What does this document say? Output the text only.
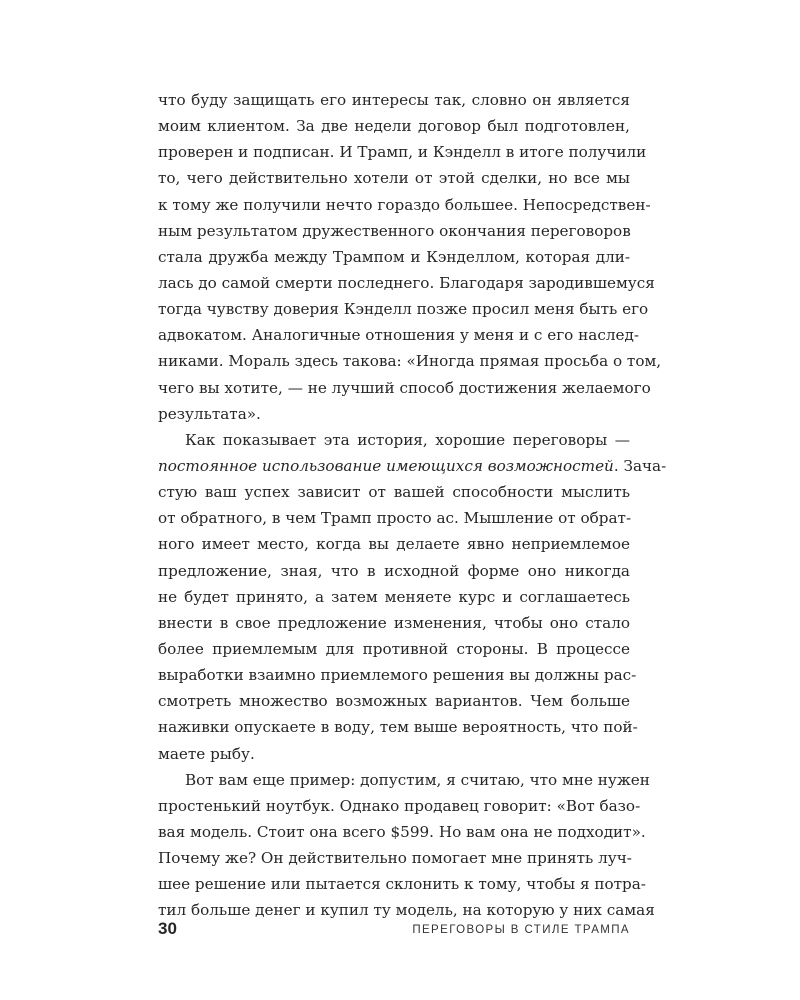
что буду защищать его интересы так, словно он является
моим клиентом. За две недели договор был подготовлен,
проверен и подписан. И Трамп, и Кэнделл в итоге получили
то, чего действительно хотели от этой сделки, но все мы
к тому же получили нечто гораздо большее. Непосредствен-
ным результатом дружественного окончания переговоров
стала дружба между Трампом и Кэнделлом, которая дли-
лась до самой смерти последнего. Благодаря зародившемуся
тогда чувству доверия Кэнделл позже просил меня быть его
адвокатом. Аналогичные отношения у меня и с его наслед-
никами. Мораль здесь такова: «Иногда прямая просьба о том,
чего вы хотите, — не лучший способ достижения желаемого
результата».
Как показывает эта история, хорошие переговоры —
постоянное использование имеющихся возможностей. Зача-
стую ваш успех зависит от вашей способности мыслить
от обратного, в чем Трамп просто ас. Мышление от обрат-
ного имеет место, когда вы делаете явно неприемлемое
предложение, зная, что в исходной форме оно никогда
не будет принято, а затем меняете курс и соглашаетесь
внести в свое предложение изменения, чтобы оно стало
более приемлемым для противной стороны. В процессе
выработки взаимно приемлемого решения вы должны рас-
смотреть множество возможных вариантов. Чем больше
наживки опускаете в воду, тем выше вероятность, что пой-
маете рыбу.
Вот вам еще пример: допустим, я считаю, что мне нужен
простенький ноутбук. Однако продавец говорит: «Вот базо-
вая модель. Стоит она всего $599. Но вам она не подходит».
Почему же? Он действительно помогает мне принять луч-
шее решение или пытается склонить к тому, чтобы я потра-
тил больше денег и купил ту модель, на которую у них самая
30	ПЕРЕГОВОРЫ В СТИЛЕ ТРАМПА
